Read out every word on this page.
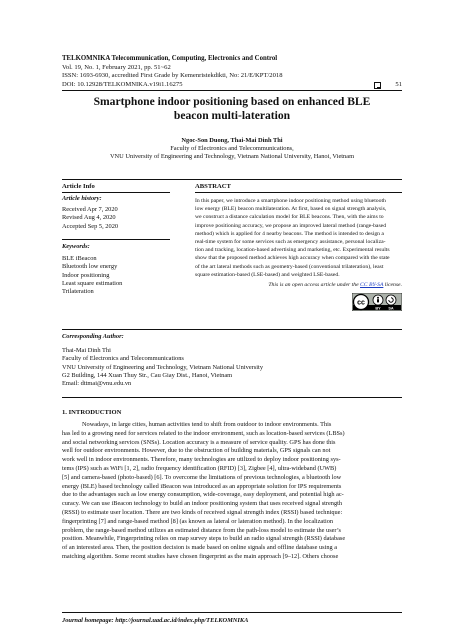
TELKOMNIKA Telecommunication, Computing, Electronics and Control
Vol. 19, No. 1, February 2021, pp. 51~62
ISSN: 1693-6930, accredited First Grade by Kemenristekdikti, No: 21/E/KPT/2018
DOI: 10.12928/TELKOMNIKA.v19i1.16275	51
Smartphone indoor positioning based on enhanced BLE
beacon multi-lateration
Ngoc-Son Duong, Thai-Mai Dinh Thi
Faculty of Electronics and Telecommunications,
VNU University of Engineering and Technology, Vietnam National University, Hanoi, Vietnam
Article Info	ABSTRACT
Article history:
Received Apr 7, 2020
Revised Aug 4, 2020
Accepted Sep 5, 2020
Keywords:
BLE iBeacon
Bluetooth low energy
Indoor positioning
Least square estimation
Trilateration
In this paper, we introduce a smartphone indoor positioning method using bluetooth
low energy (BLE) beacon multilateration. At first, based on signal strength analysis,
we construct a distance calculation model for BLE beacons. Then, with the aims to
improve positioning accuracy, we propose an improved lateral method (range-based
method) which is applied for 4 nearby beacons. The method is intended to design a
real-time system for some services such as emergency assistance, personal localiza-
tion and tracking, location-based advertising and marketing, etc. Experimental results
show that the proposed method achieves high accuracy when compared with the state
of the art lateral methods such as geometry-based (conventional trilateration), least
square estimation-based (LSE-based) and weighted LSE-based.
This is an open access article under the CC BY-SA license.
cc
BY SA
Corresponding Author:
Thai-Mai Dinh Thi
Faculty of Electronics and Telecommunications
VNU University of Engineering and Technology, Vietnam National University
G2 Building, 144 Xuan Thuy Str., Cau Giay Dist., Hanoi, Vietnam
Email: dttmai@vnu.edu.vn
1. INTRODUCTION
Nowadays, in large cities, human activities tend to shift from outdoor to indoor environments. This
has led to a growing need for services related to the indoor environment, such as location-based services (LBSs)
and social networking services (SNSs). Location accuracy is a measure of service quality. GPS has done this
well for outdoor environments. However, due to the obstruction of building materials, GPS signals can not
work well in indoor environments. Therefore, many technologies are utilized to deploy indoor positioning sys-
tems (IPS) such as WiFi [1, 2], radio frequency identification (RFID) [3], Zigbee [4], ultra-wideband (UWB)
[5] and camera-based (photo-based) [6]. To overcome the limitations of previous technologies, a bluetooth low
energy (BLE) based technology called iBeacon was introduced as an appropriate solution for IPS requirements
due to the advantages such as low energy consumption, wide-coverage, easy deployment, and potential high ac-
curacy. We can use iBeacon technology to build an indoor positioning system that uses received signal strength
(RSSI) to estimate user location. There are two kinds of received signal strength index (RSSI) based technique:
fingerprinting [7] and range-based method [8] (as known as lateral or lateration method). In the localization
problem, the range-based method utilizes an estimated distance from the path-loss model to estimate the user’s
position. Meanwhile, Fingerprinting relies on map survey steps to build an radio signal strength (RSSI) database
of an interested area. Then, the position decision is made based on online signals and offline database using a
matching algorithm. Some recent studies have chosen fingerprint as the main approach [9–12]. Others choose
Journal homepage: http://journal.uad.ac.id/index.php/TELKOMNIKA
